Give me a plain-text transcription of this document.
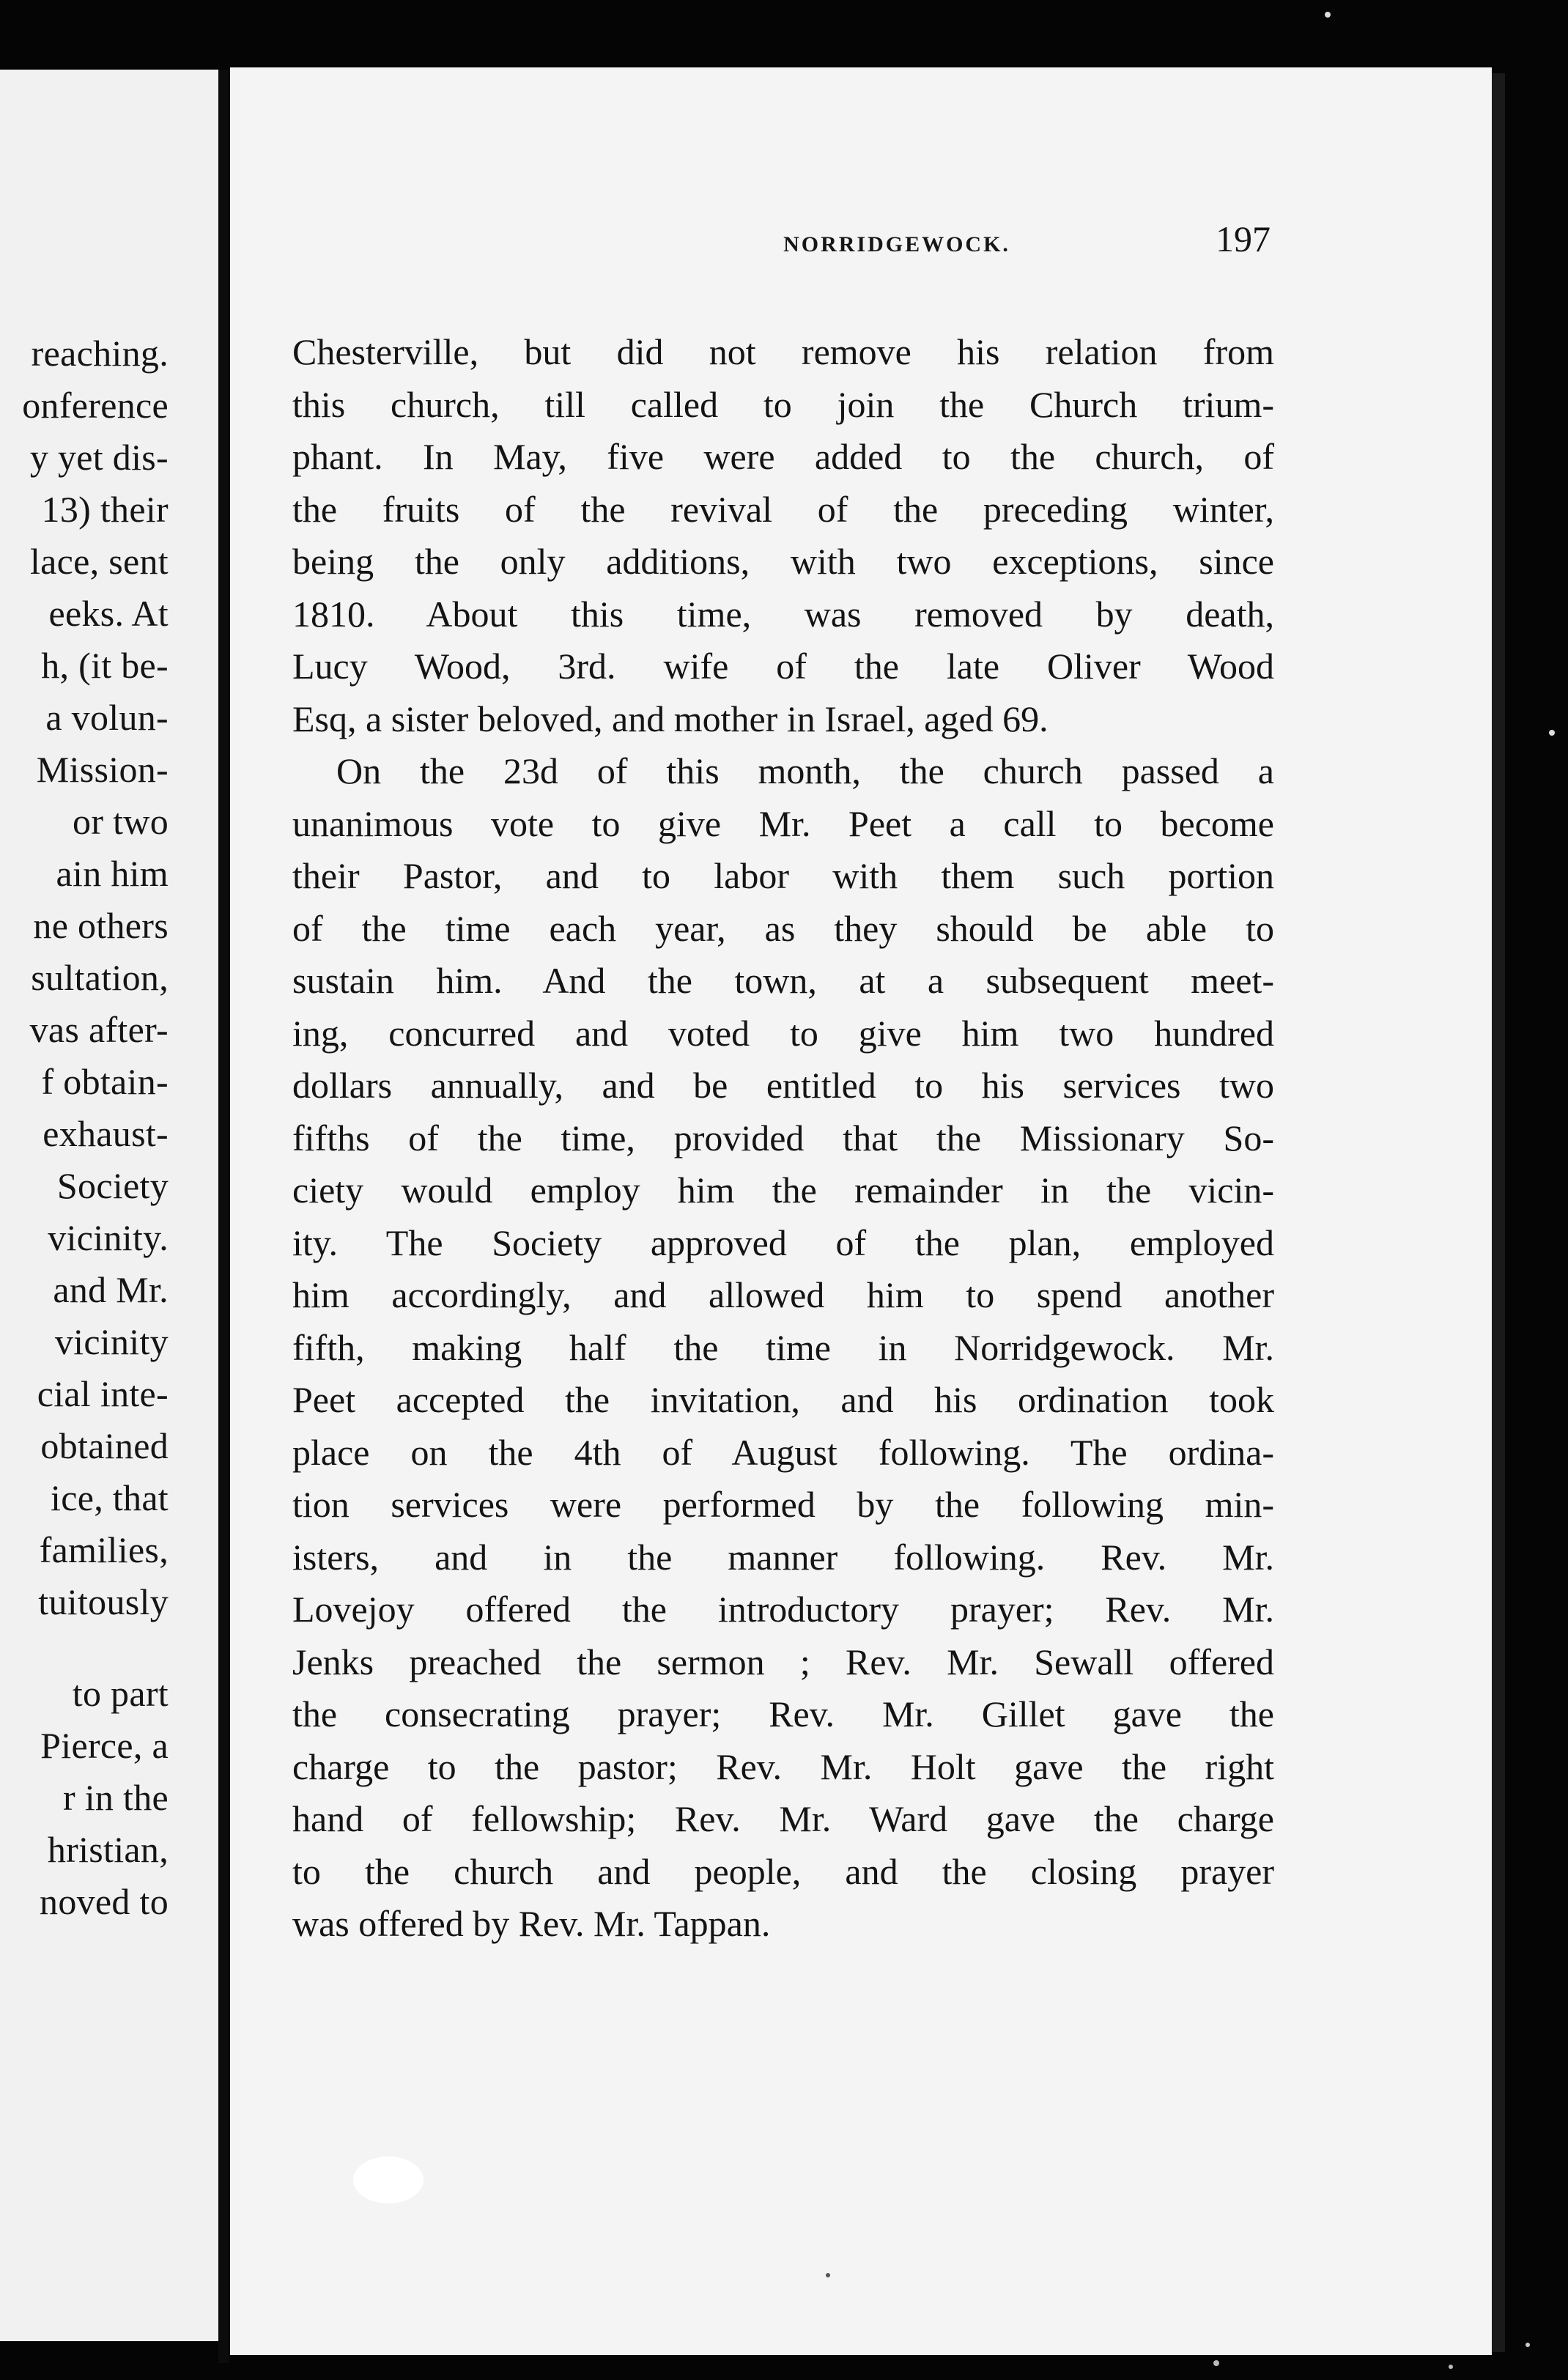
reaching.
onference
y yet dis-
13) their
lace, sent
eeks. At
h, (it be-
a volun-
Mission-
or two
ain him
ne others
sultation,
vas after-
f obtain-
exhaust-
Society
vicinity.
and Mr.
vicinity
cial inte-
obtained
ice, that
families,
tuitously
to part
Pierce, a
r in the
hristian,
noved to
NORRIDGEWOCK.	197
Chesterville, but did not remove his relation from
this church, till called to join the Church trium-
phant. In May, five were added to the church, of
the fruits of the revival of the preceding winter,
being the only additions, with two exceptions, since
1810. About this time, was removed by death,
Lucy Wood, 3rd. wife of the late Oliver Wood
Esq, a sister beloved, and mother in Israel, aged 69.
On the 23d of this month, the church passed a
unanimous vote to give Mr. Peet a call to become
their Pastor, and to labor with them such portion
of the time each year, as they should be able to
sustain him. And the town, at a subsequent meet-
ing, concurred and voted to give him two hundred
dollars annually, and be entitled to his services two
fifths of the time, provided that the Missionary So-
ciety would employ him the remainder in the vicin-
ity. The Society approved of the plan, employed
him accordingly, and allowed him to spend another
fifth, making half the time in Norridgewock. Mr.
Peet accepted the invitation, and his ordination took
place on the 4th of August following. The ordina-
tion services were performed by the following min-
isters, and in the manner following. Rev. Mr.
Lovejoy offered the introductory prayer; Rev. Mr.
Jenks preached the sermon ; Rev. Mr. Sewall offered
the consecrating prayer; Rev. Mr. Gillet gave the
charge to the pastor; Rev. Mr. Holt gave the right
hand of fellowship; Rev. Mr. Ward gave the charge
to the church and people, and the closing prayer
was offered by Rev. Mr. Tappan.
